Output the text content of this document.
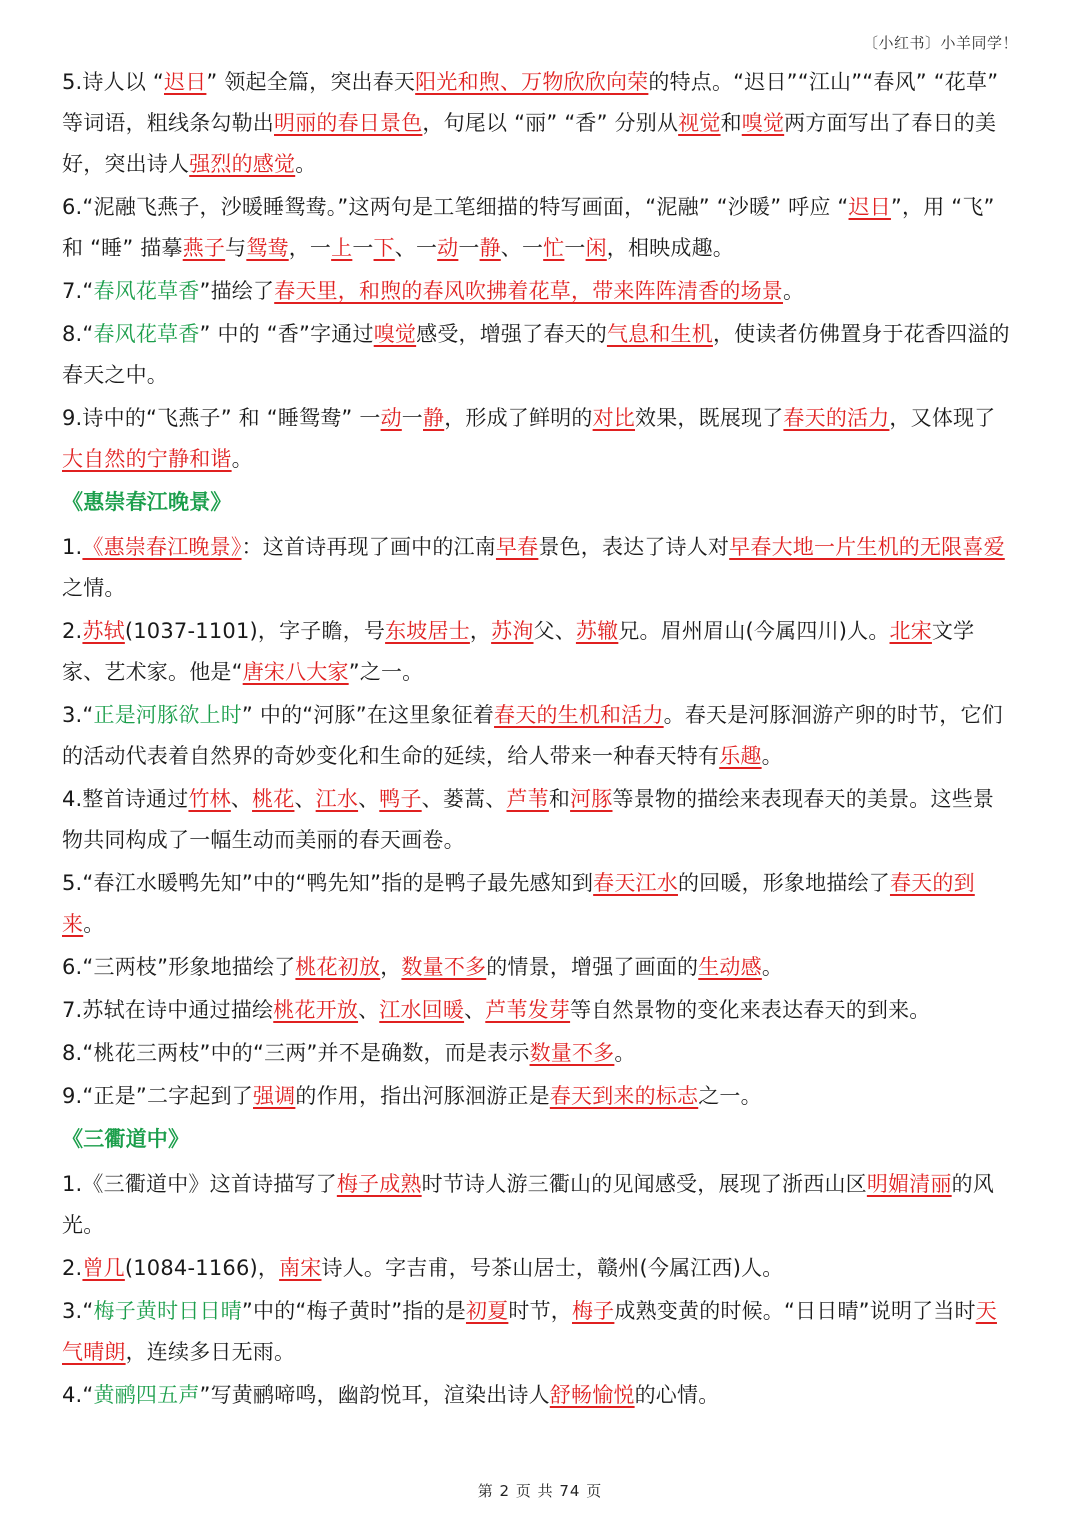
〔小红书〕小羊同学！
5.诗人以 “迟日” 领起全篇，突出春天阳光和煦、万物欣欣向荣的特点。“迟日”“江山”“春风” “花草” 等词语，粗线条勾勒出明丽的春日景色，句尾以 “丽” “香” 分别从视觉和嗅觉两方面写出了春日的美好，突出诗人强烈的感觉。
6.“泥融飞燕子，沙暖睡鸳鸯。”这两句是工笔细描的特写画面，“泥融” “沙暖” 呼应 “迟日”，用 “飞” 和 “睡” 描摹燕子与鸳鸯，一上一下、一动一静、一忙一闲，相映成趣。
7.“春风花草香”描绘了春天里，和煦的春风吹拂着花草，带来阵阵清香的场景。
8.“春风花草香” 中的 “香”字通过嗅觉感受，增强了春天的气息和生机，使读者仿佛置身于花香四溢的春天之中。
9.诗中的“飞燕子” 和 “睡鸳鸯” 一动一静，形成了鲜明的对比效果，既展现了春天的活力，又体现了大自然的宁静和谐。
《惠崇春江晚景》
1.《惠崇春江晚景》：这首诗再现了画中的江南早春景色，表达了诗人对早春大地一片生机的无限喜爱之情。
2.苏轼(1037-1101)，字子瞻，号东坡居士，苏洵父、苏辙兄。眉州眉山(今属四川)人。北宋文学家、艺术家。他是“唐宋八大家”之一。
3.“正是河豚欲上时” 中的“河豚”在这里象征着春天的生机和活力。春天是河豚洄游产卵的时节，它们的活动代表着自然界的奇妙变化和生命的延续，给人带来一种春天特有乐趣。
4.整首诗通过竹林、桃花、江水、鸭子、蒌蒿、芦苇和河豚等景物的描绘来表现春天的美景。这些景物共同构成了一幅生动而美丽的春天画卷。
5.“春江水暖鸭先知”中的“鸭先知”指的是鸭子最先感知到春天江水的回暖，形象地描绘了春天的到来。
6.“三两枝”形象地描绘了桃花初放，数量不多的情景，增强了画面的生动感。
7.苏轼在诗中通过描绘桃花开放、江水回暖、芦苇发芽等自然景物的变化来表达春天的到来。
8.“桃花三两枝”中的“三两”并不是确数，而是表示数量不多。
9.“正是”二字起到了强调的作用，指出河豚洄游正是春天到来的标志之一。
《三衢道中》
1.《三衢道中》这首诗描写了梅子成熟时节诗人游三衢山的见闻感受，展现了浙西山区明媚清丽的风光。
2.曾几(1084-1166)，南宋诗人。字吉甫，号茶山居士，赣州(今属江西)人。
3.“梅子黄时日日晴”中的“梅子黄时”指的是初夏时节，梅子成熟变黄的时候。“日日晴”说明了当时天气晴朗，连续多日无雨。
4.“黄鹂四五声”写黄鹂啼鸣，幽韵悦耳，渲染出诗人舒畅愉悦的心情。
第 2 页 共 74 页
